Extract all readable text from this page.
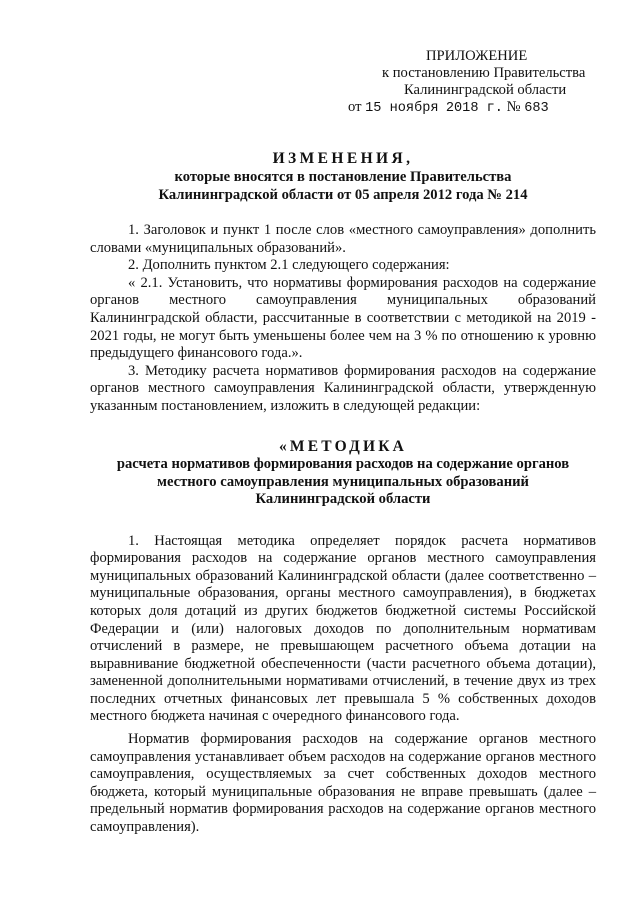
ПРИЛОЖЕНИЕ
к постановлению Правительства
Калининградской области
от 15 ноября 2018 г. № 683
ИЗМЕНЕНИЯ,
которые вносятся в постановление Правительства
Калининградской области от 05 апреля 2012 года № 214

1. Заголовок и пункт 1 после слов «местного самоуправления» дополнить словами «муниципальных образований».

2. Дополнить пунктом 2.1 следующего содержания:

« 2.1. Установить, что нормативы формирования расходов на содержание органов местного самоуправления муниципальных образований Калининградской области, рассчитанные в соответствии с методикой на 2019 - 2021 годы, не могут быть уменьшены более чем на 3 % по отношению к уровню предыдущего финансового года.».

3. Методику расчета нормативов формирования расходов на содержание органов местного самоуправления Калининградской области, утвержденную указанным постановлением, изложить в следующей редакции:

«МЕТОДИКА
расчета нормативов формирования расходов на содержание органов
местного самоуправления муниципальных образований
Калининградской области

1. Настоящая методика определяет порядок расчета нормативов формирования расходов на содержание органов местного самоуправления муниципальных образований Калининградской области (далее соответственно – муниципальные образования, органы местного самоуправления), в бюджетах которых доля дотаций из других бюджетов бюджетной системы Российской Федерации и (или) налоговых доходов по дополнительным нормативам отчислений в размере, не превышающем расчетного объема дотации на выравнивание бюджетной обеспеченности (части расчетного объема дотации), замененной дополнительными нормативами отчислений, в течение двух из трех последних отчетных финансовых лет превышала 5 % собственных доходов местного бюджета начиная с очередного финансового года.

Норматив формирования расходов на содержание органов местного самоуправления устанавливает объем расходов на содержание органов местного самоуправления, осуществляемых за счет собственных доходов местного бюджета, который муниципальные образования не вправе превышать (далее – предельный норматив формирования расходов на содержание органов местного самоуправления).
